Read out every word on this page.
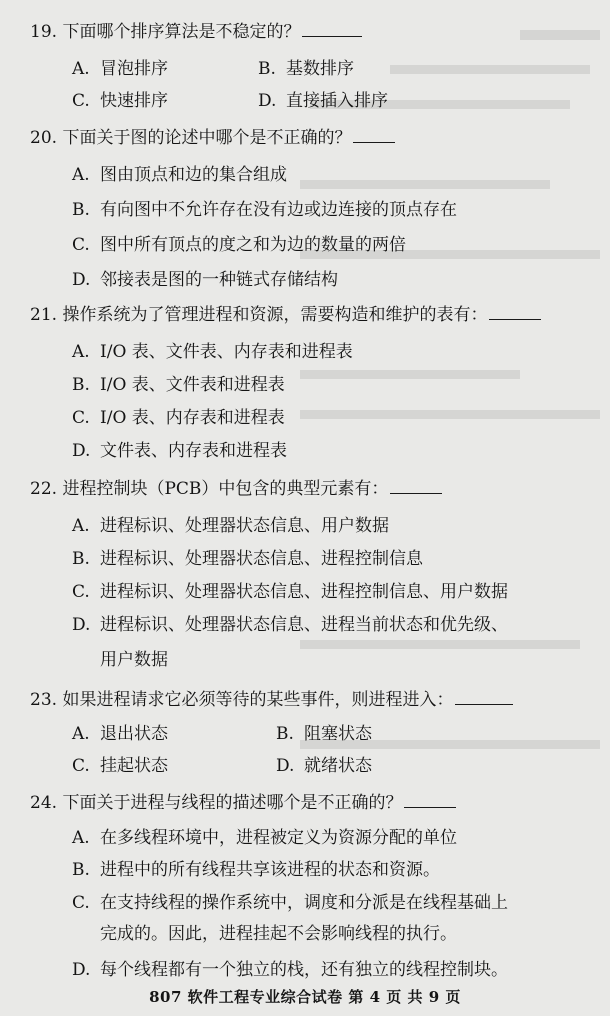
19. 下面哪个排序算法是不稳定的？
A. 冒泡排序	B. 基数排序
C. 快速排序	D. 直接插入排序
20. 下面关于图的论述中哪个是不正确的？
A. 图由顶点和边的集合组成
B. 有向图中不允许存在没有边或边连接的顶点存在
C. 图中所有顶点的度之和为边的数量的两倍
D. 邻接表是图的一种链式存储结构
21. 操作系统为了管理进程和资源，需要构造和维护的表有：
A. I/O 表、文件表、内存表和进程表
B. I/O 表、文件表和进程表
C. I/O 表、内存表和进程表
D. 文件表、内存表和进程表
22. 进程控制块（PCB）中包含的典型元素有：
A. 进程标识、处理器状态信息、用户数据
B. 进程标识、处理器状态信息、进程控制信息
C. 进程标识、处理器状态信息、进程控制信息、用户数据
D. 进程标识、处理器状态信息、进程当前状态和优先级、
用户数据
23. 如果进程请求它必须等待的某些事件，则进程进入：
A. 退出状态	B. 阻塞状态
C. 挂起状态	D. 就绪状态
24. 下面关于进程与线程的描述哪个是不正确的？
A. 在多线程环境中，进程被定义为资源分配的单位
B. 进程中的所有线程共享该进程的状态和资源。
C. 在支持线程的操作系统中，调度和分派是在线程基础上
完成的。因此，进程挂起不会影响线程的执行。
D. 每个线程都有一个独立的栈，还有独立的线程控制块。
807 软件工程专业综合试卷 第 4 页 共 9 页
